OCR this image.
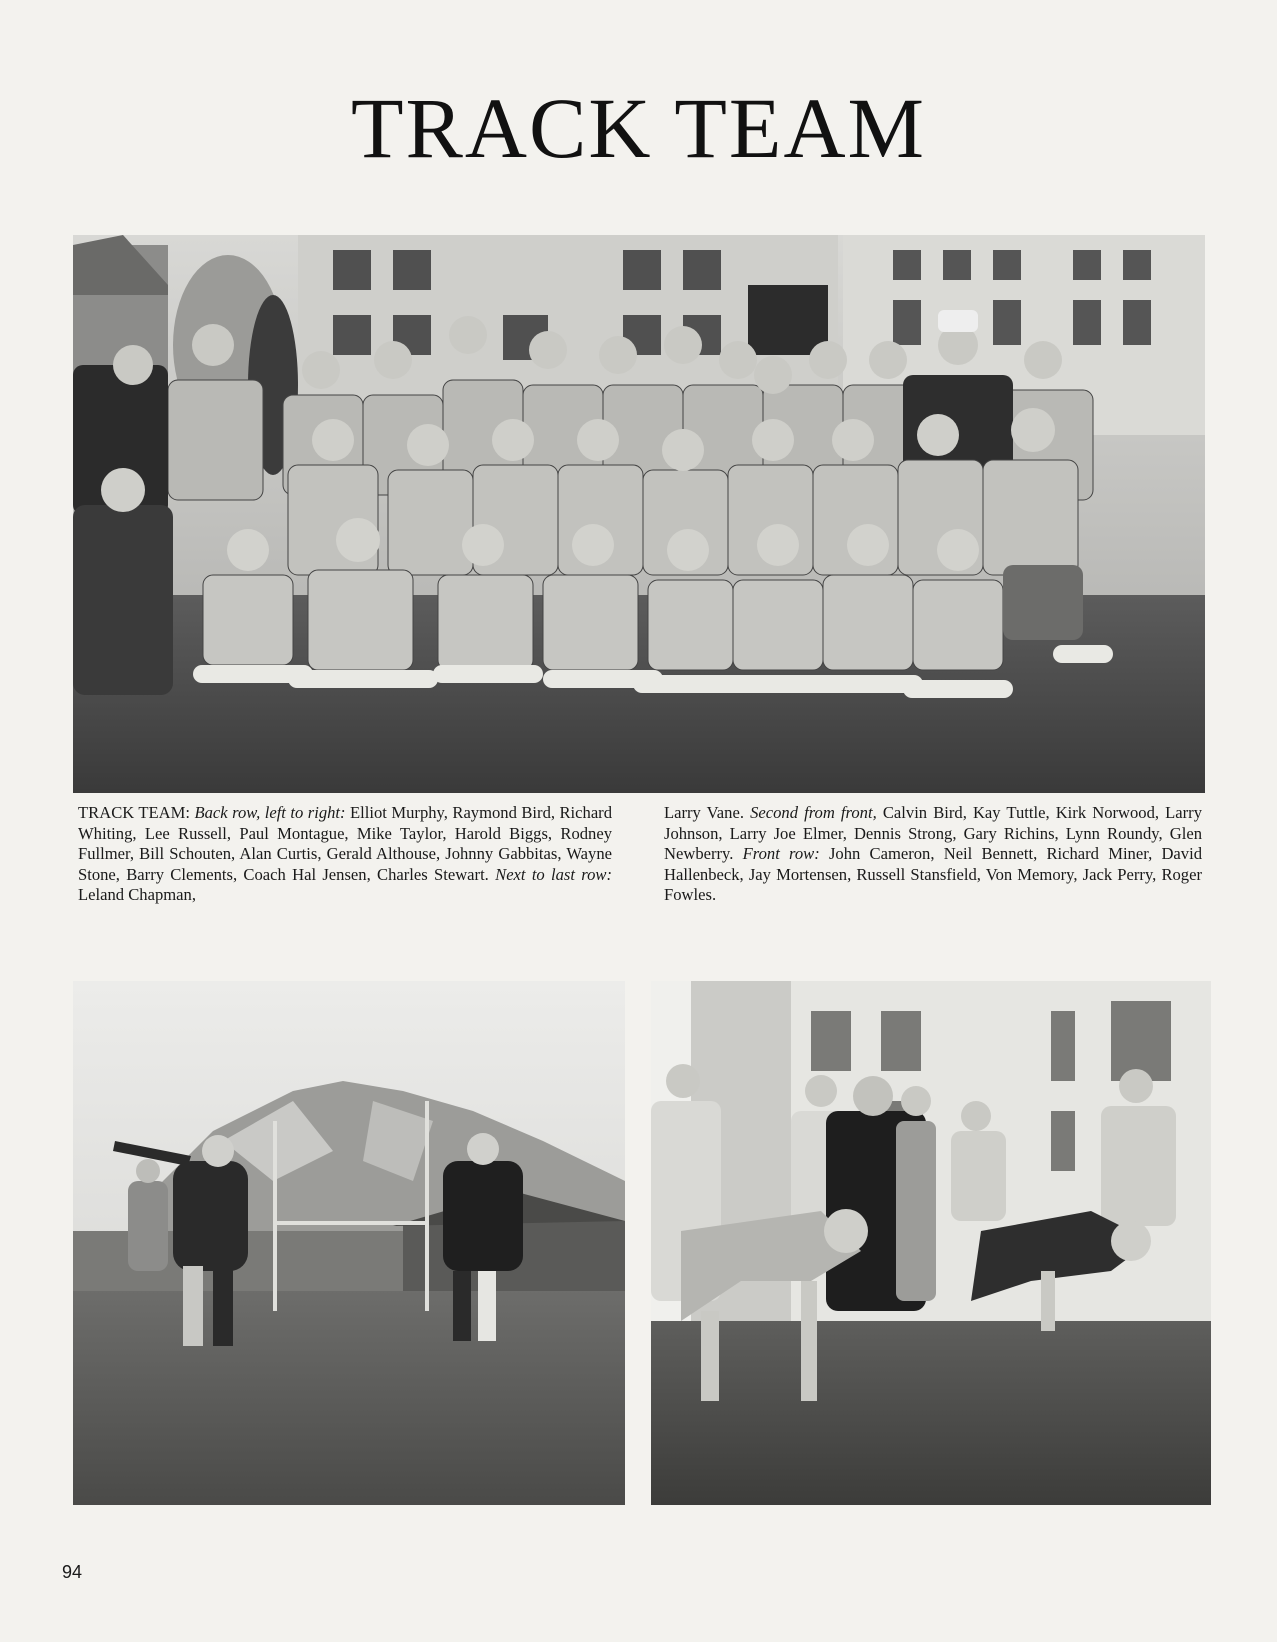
TRACK TEAM
TRACK TEAM: Back row, left to right: Elliot Murphy, Raymond Bird, Richard Whiting, Lee Russell, Paul Montague, Mike Taylor, Harold Biggs, Rodney Fullmer, Bill Schouten, Alan Curtis, Gerald Althouse, Johnny Gabbitas, Wayne Stone, Barry Clements, Coach Hal Jensen, Charles Stewart. Next to last row: Leland Chapman,
Larry Vane. Second from front, Calvin Bird, Kay Tuttle, Kirk Norwood, Larry Johnson, Larry Joe Elmer, Dennis Strong, Gary Richins, Lynn Roundy, Glen Newberry. Front row: John Cameron, Neil Bennett, Richard Miner, David Hallenbeck, Jay Mortensen, Russell Stansfield, Von Memory, Jack Perry, Roger Fowles.
94
